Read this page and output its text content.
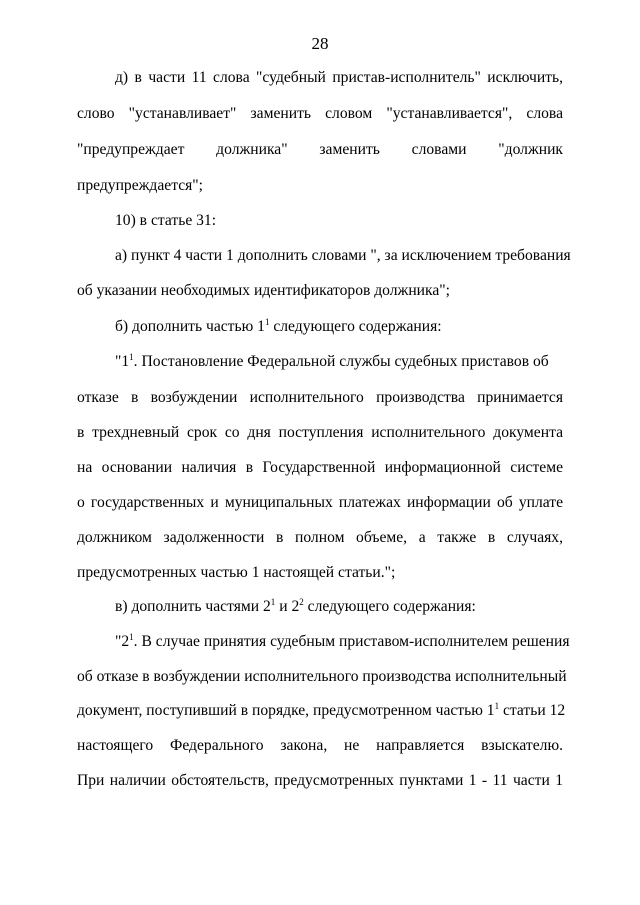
28
д) в части 11 слова "судебный пристав-исполнитель" исключить,
слово "устанавливает" заменить словом "устанавливается", слова
"предупреждает должника" заменить словами "должник
предупреждается";
10) в статье 31:
а) пункт 4 части 1 дополнить словами ", за исключением требования
об указании необходимых идентификаторов должника";
б) дополнить частью $1^1$ следующего содержания:
"$1^1$. Постановление Федеральной службы судебных приставов об
отказе в возбуждении исполнительного производства принимается
в трехдневный срок со дня поступления исполнительного документа
на основании наличия в Государственной информационной системе
о государственных и муниципальных платежах информации об уплате
должником задолженности в полном объеме, а также в случаях,
предусмотренных частью 1 настоящей статьи.";
в) дополнить частями $2^1$ и $2^2$ следующего содержания:
"$2^1$. В случае принятия судебным приставом-исполнителем решения
об отказе в возбуждении исполнительного производства исполнительный
документ, поступивший в порядке, предусмотренном частью $1^1$ статьи 12
настоящего Федерального закона, не направляется взыскателю.
При наличии обстоятельств, предусмотренных пунктами 1 - 11 части 1
